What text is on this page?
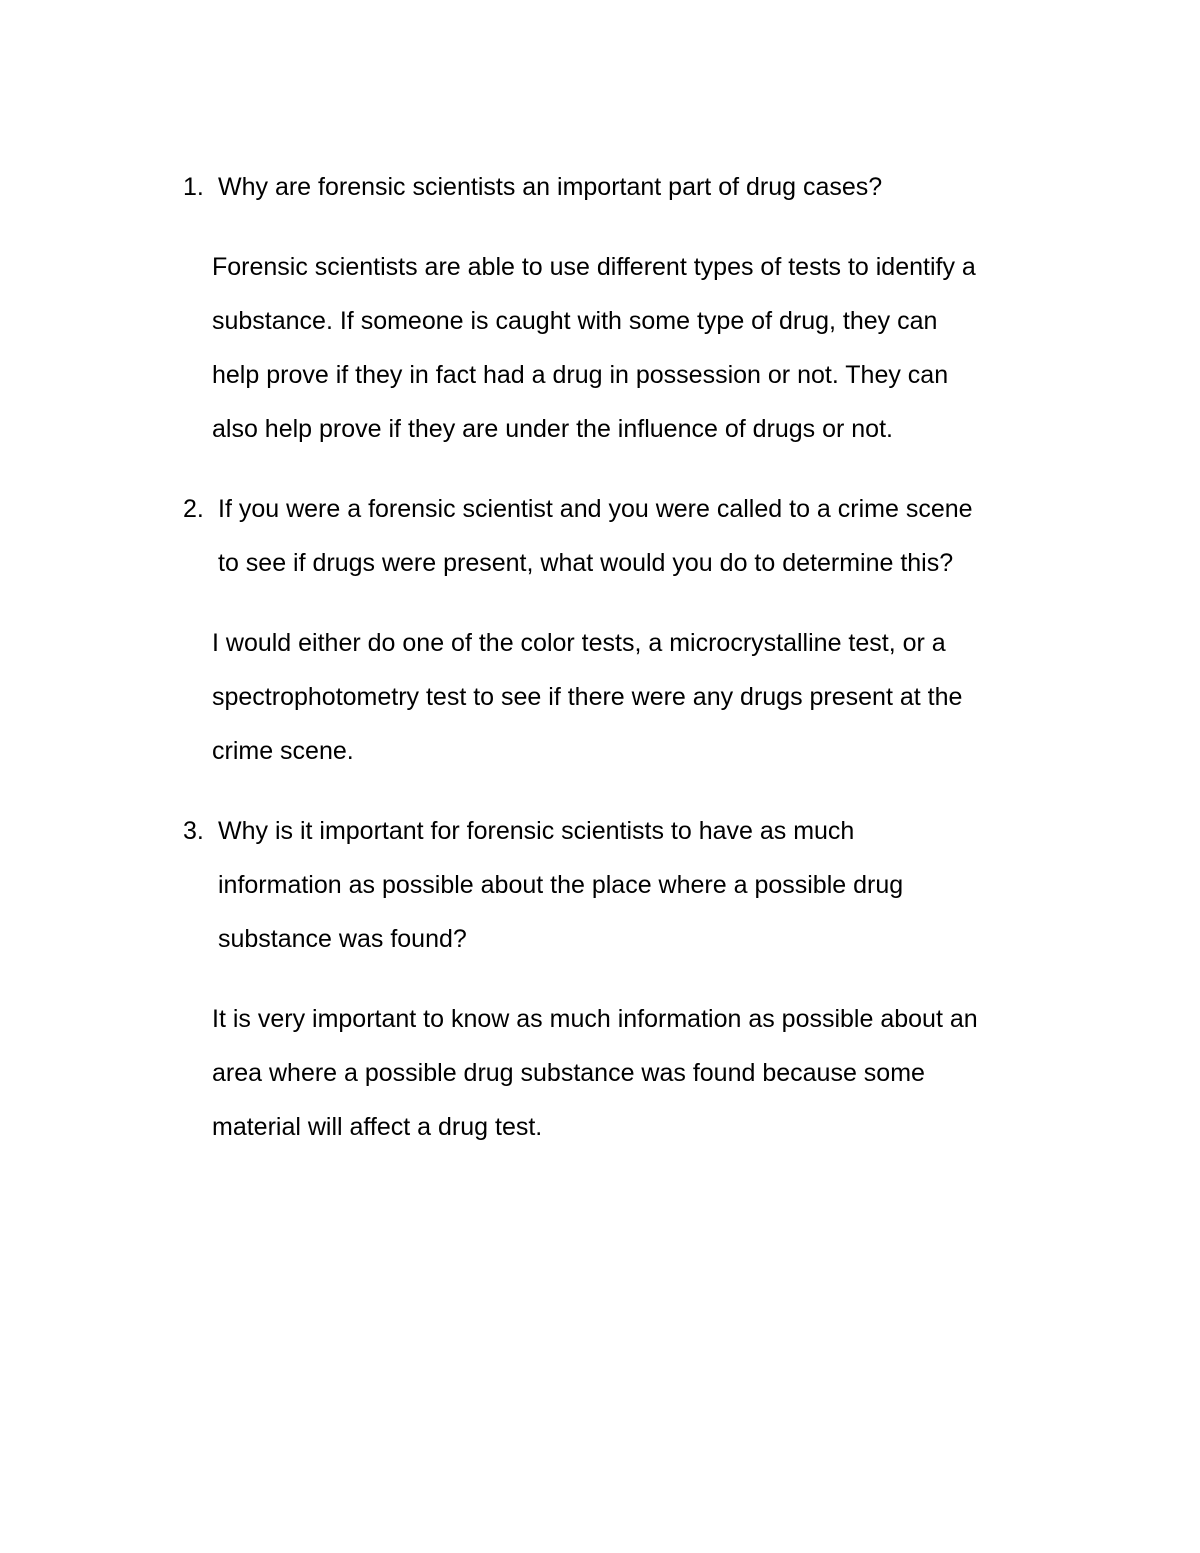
1. Why are forensic scientists an important part of drug cases?
Forensic scientists are able to use different types of tests to identify a
substance. If someone is caught with some type of drug, they can
help prove if they in fact had a drug in possession or not. They can
also help prove if they are under the influence of drugs or not.
2. If you were a forensic scientist and you were called to a crime scene
to see if drugs were present, what would you do to determine this?
I would either do one of the color tests, a microcrystalline test, or a
spectrophotometry test to see if there were any drugs present at the
crime scene.
3. Why is it important for forensic scientists to have as much
information as possible about the place where a possible drug
substance was found?
It is very important to know as much information as possible about an
area where a possible drug substance was found because some
material will affect a drug test.
